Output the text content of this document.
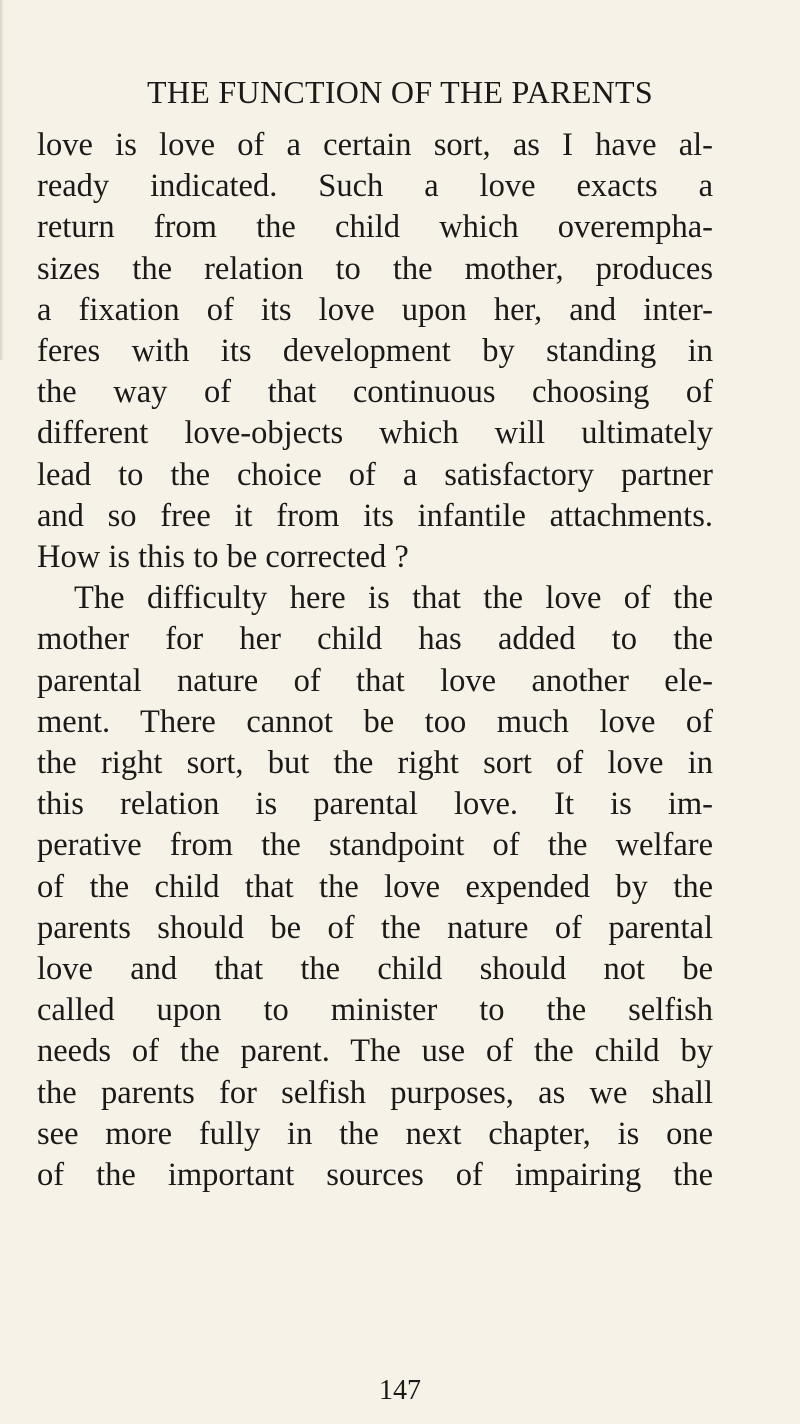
THE FUNCTION OF THE PARENTS
love is love of a certain sort, as I have al-
ready indicated. Such a love exacts a
return from the child which overempha-
sizes the relation to the mother, produces
a fixation of its love upon her, and inter-
feres with its development by standing in
the way of that continuous choosing of
different love-objects which will ultimately
lead to the choice of a satisfactory partner
and so free it from its infantile attachments.
How is this to be corrected ?
The difficulty here is that the love of the
mother for her child has added to the
parental nature of that love another ele-
ment. There cannot be too much love of
the right sort, but the right sort of love in
this relation is parental love. It is im-
perative from the standpoint of the welfare
of the child that the love expended by the
parents should be of the nature of parental
love and that the child should not be
called upon to minister to the selfish
needs of the parent. The use of the child by
the parents for selfish purposes, as we shall
see more fully in the next chapter, is one
of the important sources of impairing the
147
